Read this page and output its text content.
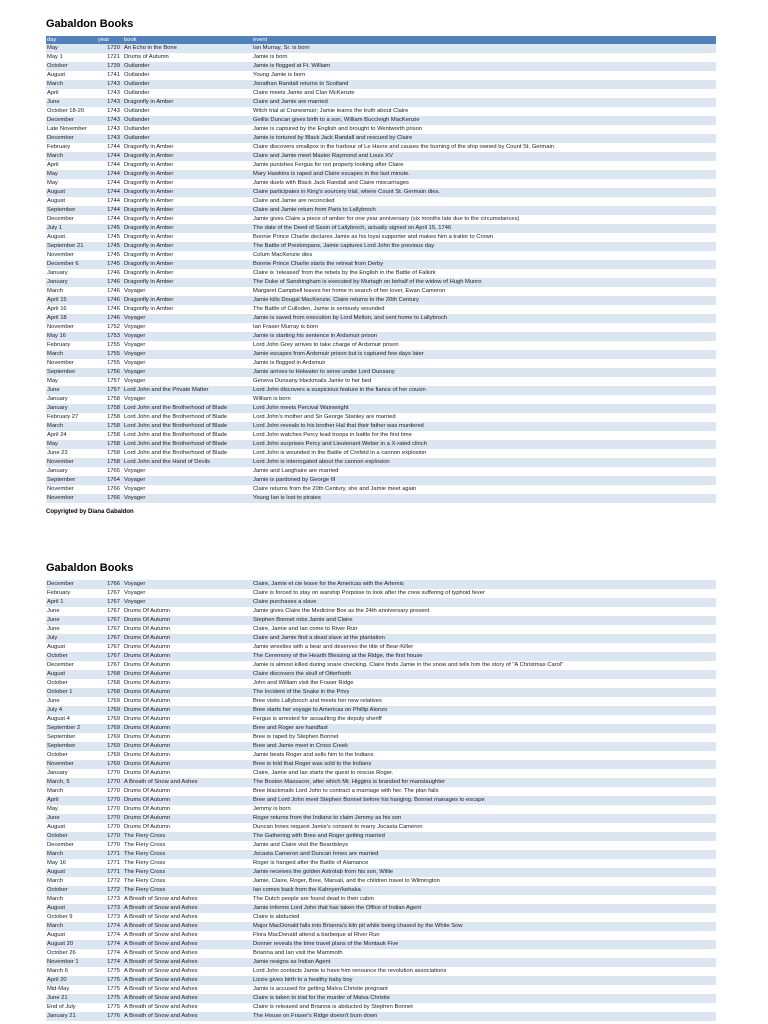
Gabaldon Books
day	year	book	event
May	1720	An Echo in the Bone	Ian Murray, Sr. is born
May 1	1721	Drums of Autumn	Jamie is born
October	1739	Outlander	Jamie is flogged at Ft. William
August	1741	Outlander	Young Jamie is born
March	1743	Outlander	Jonathan Randall returns to Scotland
April	1743	Outlander	Claire meets Jamie and Clan McKenzie
June	1743	Dragonfly in Amber	Claire and Jamie are married
October 18-20	1743	Outlander	Witch trial at Cranesmuir; Jamie learns the truth about Claire
December	1743	Outlander	Geillis Duncan gives birth to a son, William Buccleigh MacKenzie
Late November	1743	Outlander	Jamie is captured by the English and brought to Wentworth prison
December	1743	Outlander	Jamie is tortured by Black Jack Randall and rescued by Claire
February	1744	Dragonfly in Amber	Claire discovers smallpox in the harbour of Le Havre and causes the burning of the ship owned by Count St. Germain
March	1744	Dragonfly in Amber	Claire and Jamie meet Master Raymond and Louis XV
April	1744	Dragonfly in Amber	Jamie punishes Fergus for not properly looking after Claire
May	1744	Dragonfly in Amber	Mary Hawkins is raped and Claire escapes in the last minute.
May	1744	Dragonfly in Amber	Jamie duels with Black Jack Randall and Claire miscarriages
August	1744	Dragonfly in Amber	Claire participates in King's sourcery trial, where Count St. Germain dies.
August	1744	Dragonfly in Amber	Claire and Jamie are reconciled
September	1744	Dragonfly in Amber	Claire and Jamie return from Paris to Lallybroch
December	1744	Dragonfly in Amber	Jamie gives Claire a piece of amber for one year anniversary (six months late due to the circumstances)
July 1	1745	Dragonfly in Amber	The date of the Deed of Sasin of Lallybroch, actually signed on April 15, 1746
August	1745	Dragonfly in Amber	Bonnie Prince Charlie declares Jamie as his loyal supporter and makes him a traitor to Crown
September 21	1745	Dragonfly in Amber	The Battle of Prestonpans, Jamie captures Lord John the previous day
November	1745	Dragonfly in Amber	Colum MacKenzie dies
December 6	1745	Dragonfly in Amber	Bonnie Prince Charlie starts the retreat from Derby
January	1746	Dragonfly in Amber	Claire is 'released' from the rebels by the English in the Battle of Falkirk
January	1746	Dragonfly in Amber	The Duke of Sandringham is executed by Murtagh on behalf of the widow of Hugh Munro
March	1746	Voyager	Margaret Campbell leaves her home in search of her lover, Ewan Cameron
April 15	1746	Dragonfly in Amber	Jamie kills Dougal MacKenzie. Claire returns to the 20th Century
April 16	1746	Dragonfly in Amber	The Battle of Culloden, Jamie is seriously wounded
April 18	1746	Voyager	Jamie is saved from execution by Lord Melton, and sent home to Lallybroch
November	1752	Voyager	Ian Fraser Murray is born
May 16	1753	Voyager	Jamie is starting his sentence in Ardsmuir prison
February	1755	Voyager	Lord John Grey arrives to take charge of Ardsmuir prison
March	1755	Voyager	Jamie escapes from Ardsmuir prison but is captured few days later
November	1755	Voyager	Jamie is flogged in Ardsmuir
September	1756	Voyager	Jamie arrives to Helwater to serve under Lord Dunsany
May	1757	Voyager	Geneva Dunsany blackmails Jamie to her bed
June	1757	Lord John and the Private Matter	Lord John discovers a suspicious feature in the fiance of her cousin
January	1758	Voyager	William is born
January	1758	Lord John and the Brotherhood of Blade	Lord John meets Percival Wainwright
February 27	1758	Lord John and the Brotherhood of Blade	Lord John's mother and Sir George Stanley are married
March	1758	Lord John and the Brotherhood of Blade	Lord John reveals to his brother Hal that their father was murdered
April 24	1758	Lord John and the Brotherhood of Blade	Lord John watches Percy lead troops in battle for the first time
May	1758	Lord John and the Brotherhood of Blade	Lord John surprises Percy and Lieutenant Weber in a X-rated clinch
June 23	1758	Lord John and the Brotherhood of Blade	Lord John is wounded in the Battle of Crefeld in a cannon explosion
November	1758	Lord John and the Hand of Devils	Lord John is interrogated about the cannon explosion
January	1765	Voyager	Jamie and Laoghaire are married
September	1764	Voyager	Jamie is pardoned by George III
November	1766	Voyager	Claire returns from the 20th Century, she and Jamie meet again
November	1766	Voyager	Young Ian is lost to pirates
Copyrigted by Diana Gabaldon
Gabaldon Books
December	1766	Voyager	Claire, Jamie et cie leave for the Americas with the Artemis
February	1767	Voyager	Claire is forced to stay on warship Porpoise to look after the crew suffering of typhoid fever
April 1	1767	Voyager	Claire purchases a slave
June	1767	Drums Of Autumn	Jamie gives Claire the Medicine Box as the 24th anniversary present
June	1767	Drums Of Autumn	Stephen Bonnet robs Jamie and Claire
June	1767	Drums Of Autumn	Claire, Jamie and Ian come to River Run
July	1767	Drums Of Autumn	Claire and Jamie find a dead slave at the plantation
August	1767	Drums Of Autumn	Jamie wrestles with a bear and deserves the title of Bear-Killer
October	1767	Drums Of Autumn	The Ceremony of the Hearth Blessing at the Ridge, the first house
December	1767	Drums Of Autumn	Jamie is almost killed during snare checking. Claire finds Jamie in the snow and tells him the story of "A Christmas Carol"
August	1768	Drums Of Autumn	Claire discovers the skull of Otterfooth
October	1768	Drums Of Autumn	John and William visit the Fraser Ridge
October 1	1768	Drums Of Autumn	The Incident of the Snake in the Privy
June	1769	Drums Of Autumn	Bree visits Lallybroch and meets her new relatives
July 4	1769	Drums Of Autumn	Bree starts her voyage to Americas on Phillip Alonzo
August 4	1769	Drums Of Autumn	Fergus is arrested for assaulting the deputy sheriff
September 2	1769	Drums Of Autumn	Bree and Roger are handfast
September	1769	Drums Of Autumn	Bree is raped by Stephen Bonnet
September	1769	Drums Of Autumn	Bree and Jamie meet in Cross Creek
October	1769	Drums Of Autumn	Jamie beats Roger and sells him to the Indians
November	1769	Drums Of Autumn	Bree is told that Roger was sold to the Indians
January	1770	Drums Of Autumn	Claire, Jamie and Ian starts the quest to rescue Roger.
March, 5	1770	A Breath of Snow and Ashes	The Boston Massacre, after which Mr. Higgins is branded for manslaughter
March	1770	Drums Of Autumn	Bree blackmails Lord John to contract a marriage with her. The plan fails
April	1770	Drums Of Autumn	Bree and Lord John meet Stephen Bonnet before his hanging. Bonnet manages to escape
May	1770	Drums Of Autumn	Jemmy is born
June	1770	Drums Of Autumn	Roger returns from the Indians to claim Jemmy as his son
August	1770	Drums Of Autumn	Duncan Innes request Jamie's consent to marry Jocasta Cameron
October	1770	The Fiery Cross	The Gathering with Bree and Roger getting married
December	1770	The Fiery Cross	Jamie and Claire visit the Beardsleys
March	1771	The Fiery Cross	Jocasta Cameron and Duncan Innes are married
May 16	1771	The Fiery Cross	Roger is hanged after the Battle of Alamance
August	1771	The Fiery Cross	Jamie receives the golden Astrolab from his son, Willie
March	1772	The Fiery Cross	Jamie, Claire, Roger, Bree, Marsali, and the children travel to Wilmington
October	1772	The Fiery Cross	Ian comes back from the Kahnyen'kehaka
March	1773	A Breath of Snow and Ashes	The Dutch people are found dead in their cabin
August	1773	A Breath of Snow and Ashes	Jamie informs Lord John that has taken the Office of Indian Agent
October 9	1773	A Breath of Snow and Ashes	Claire is abducted
March	1774	A Breath of Snow and Ashes	Major MacDonald falls into Brianna's kiln pit while being chased by the White Sow
August	1774	A Breath of Snow and Ashes	Flora MacDonald attend a barbeque at River Run
August 20	1774	A Breath of Snow and Ashes	Donner reveals the time travel plans of the Montauk Five
October 26	1774	A Breath of Snow and Ashes	Brianna and Ian visit the Mammoth
November 1	1774	A Breath of Snow and Ashes	Jamie resigns as Indian Agent
March 6	1775	A Breath of Snow and Ashes	Lord John contacts Jamie to have him renounce the revolution associations
April 20	1775	A Breath of Snow and Ashes	Lizzie gives birth to a healthy baby boy
Mid-May	1775	A Breath of Snow and Ashes	Jamie is accused for getting Malva Christie pregnant
June 21	1775	A Breath of Snow and Ashes	Claire is taken to trial for the murder of Malva Christie
End of July	1775	A Breath of Snow and Ashes	Claire is released and Brianna is abducted by Stephen Bonnet
January 21	1776	A Breath of Snow and Ashes	The House on Fraser's Ridge doesn't burn down
